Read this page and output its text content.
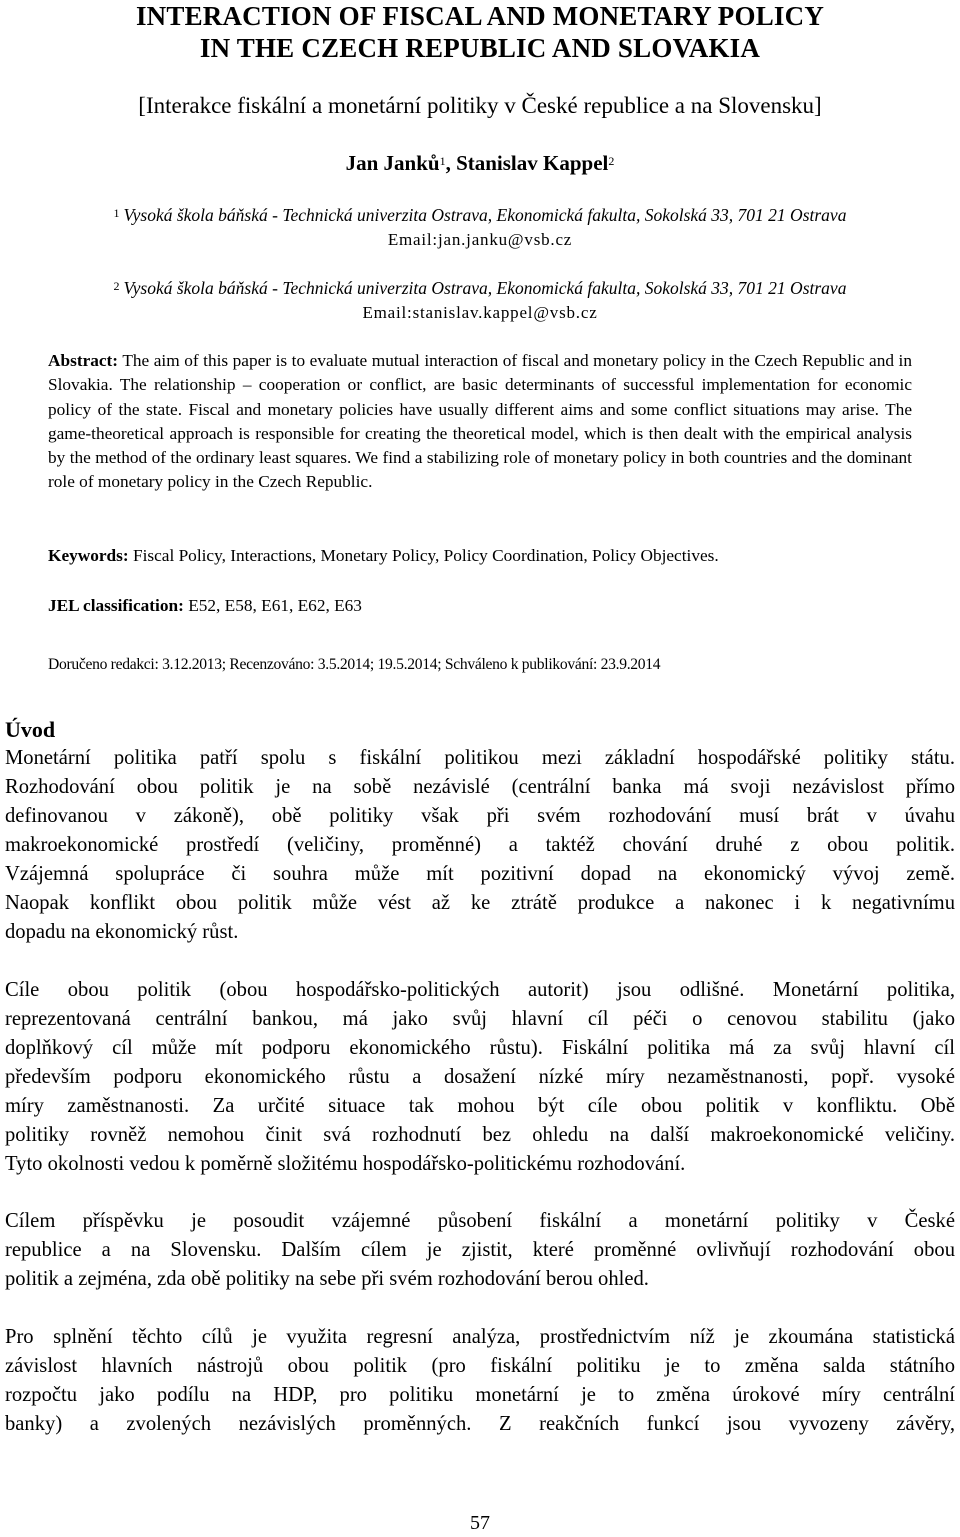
INTERACTION OF FISCAL AND MONETARY POLICY
IN THE CZECH REPUBLIC AND SLOVAKIA
[Interakce fiskální a monetární politiky v České republice a na Slovensku]
Jan Janků$^1$, Stanislav Kappel$^2$
$^1$ Vysoká škola báňská - Technická univerzita Ostrava, Ekonomická fakulta, Sokolská 33, 701 21 Ostrava
Email:jan.janku@vsb.cz
$^2$ Vysoká škola báňská - Technická univerzita Ostrava, Ekonomická fakulta, Sokolská 33, 701 21 Ostrava
Email:stanislav.kappel@vsb.cz
Abstract: The aim of this paper is to evaluate mutual interaction of fiscal and monetary policy in the Czech Republic and in Slovakia. The relationship ‒ cooperation or conflict, are basic determinants of successful implementation for economic policy of the state. Fiscal and monetary policies have usually different aims and some conflict situations may arise. The game-theoretical approach is responsible for creating the theoretical model, which is then dealt with the empirical analysis by the method of the ordinary least squares. We find a stabilizing role of monetary policy in both countries and the dominant role of monetary policy in the Czech Republic.
Keywords: Fiscal Policy, Interactions, Monetary Policy, Policy Coordination, Policy Objectives.
JEL classification: E52, E58, E61, E62, E63
Doručeno redakci: 3.12.2013; Recenzováno: 3.5.2014; 19.5.2014; Schváleno k publikování: 23.9.2014
Úvod
Monetární politika patří spolu s fiskální politikou mezi základní hospodářské politiky státu.
Rozhodování obou politik je na sobě nezávislé (centrální banka má svoji nezávislost přímo
definovanou v zákoně), obě politiky však při svém rozhodování musí brát v úvahu
makroekonomické prostředí (veličiny, proměnné) a taktéž chování druhé z obou politik.
Vzájemná spolupráce či souhra může mít pozitivní dopad na ekonomický vývoj země.
Naopak konflikt obou politik může vést až ke ztrátě produkce a nakonec i k negativnímu
dopadu na ekonomický růst.
Cíle obou politik (obou hospodářsko-politických autorit) jsou odlišné. Monetární politika,
reprezentovaná centrální bankou, má jako svůj hlavní cíl péči o cenovou stabilitu (jako
doplňkový cíl může mít podporu ekonomického růstu). Fiskální politika má za svůj hlavní cíl
především podporu ekonomického růstu a dosažení nízké míry nezaměstnanosti, popř. vysoké
míry zaměstnanosti. Za určité situace tak mohou být cíle obou politik v konfliktu. Obě
politiky rovněž nemohou činit svá rozhodnutí bez ohledu na další makroekonomické veličiny.
Tyto okolnosti vedou k poměrně složitému hospodářsko-politickému rozhodování.
Cílem příspěvku je posoudit vzájemné působení fiskální a monetární politiky v České
republice a na Slovensku. Dalším cílem je zjistit, které proměnné ovlivňují rozhodování obou
politik a zejména, zda obě politiky na sebe při svém rozhodování berou ohled.
Pro splnění těchto cílů je využita regresní analýza, prostřednictvím níž je zkoumána statistická
závislost hlavních nástrojů obou politik (pro fiskální politiku je to změna salda státního
rozpočtu jako podílu na HDP, pro politiku monetární je to změna úrokové míry centrální
banky) a zvolených nezávislých proměnných. Z reakčních funkcí jsou vyvozeny závěry,
57
